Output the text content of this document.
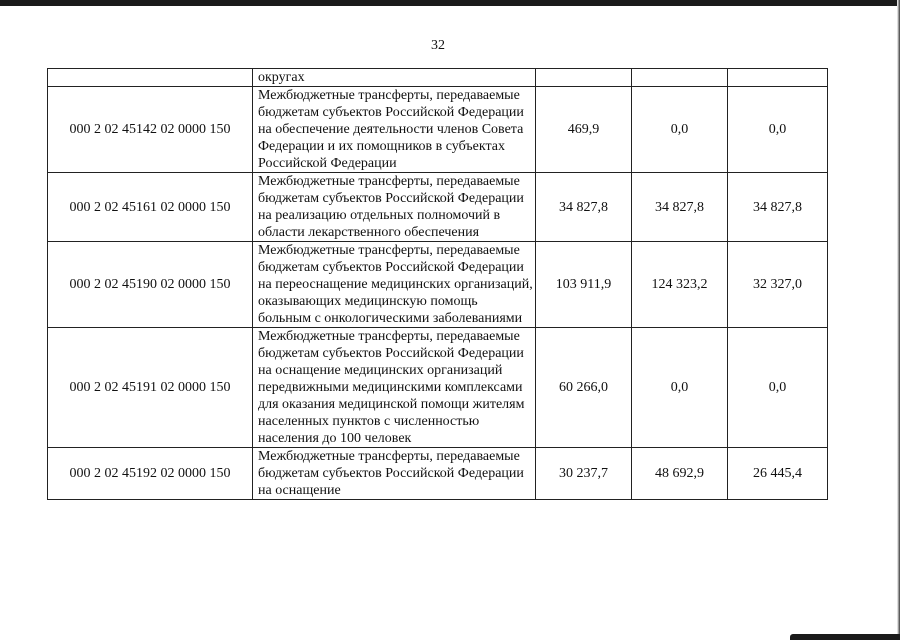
32
	округах			
000 2 02 45142 02 0000 150	Межбюджетные трансферты, передаваемые бюджетам субъектов Российской Федерации на обеспечение деятельности членов Совета Федерации и их помощников в субъектах Российской Федерации	469,9	0,0	0,0
000 2 02 45161 02 0000 150	Межбюджетные трансферты, передаваемые бюджетам субъектов Российской Федерации на реализацию отдельных полномочий в области лекарственного обеспечения	34 827,8	34 827,8	34 827,8
000 2 02 45190 02 0000 150	Межбюджетные трансферты, передаваемые бюджетам субъектов Российской Федерации на переоснащение медицинских организаций, оказывающих медицинскую помощь больным с онкологическими заболеваниями	103 911,9	124 323,2	32 327,0
000 2 02 45191 02 0000 150	Межбюджетные трансферты, передаваемые бюджетам субъектов Российской Федерации на оснащение медицинских организаций передвижными медицинскими комплексами для оказания медицинской помощи жителям населенных пунктов с численностью населения до 100 человек	60 266,0	0,0	0,0
000 2 02 45192 02 0000 150	Межбюджетные трансферты, передаваемые бюджетам субъектов Российской Федерации на оснащение	30 237,7	48 692,9	26 445,4
